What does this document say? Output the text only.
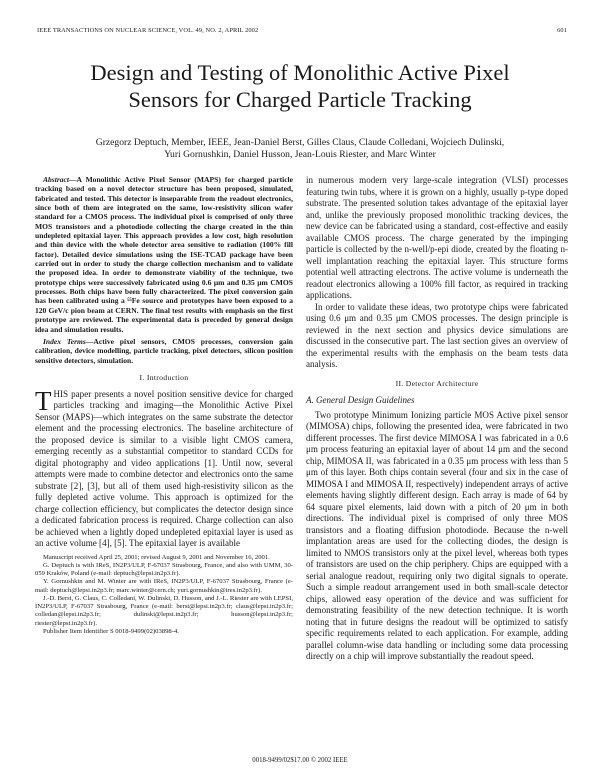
IEEE TRANSACTIONS ON NUCLEAR SCIENCE, VOL. 49, NO. 2, APRIL 2002	601
Design and Testing of Monolithic Active Pixel
Sensors for Charged Particle Tracking
Grzegorz Deptuch, Member, IEEE, Jean-Daniel Berst, Gilles Claus, Claude Colledani, Wojciech Dulinski,
Yuri Gornushkin, Daniel Husson, Jean-Louis Riester, and Marc Winter

Abstract—A Monolithic Active Pixel Sensor (MAPS) for charged particle tracking based on a novel detector structure has been proposed, simulated, fabricated and tested. This detector is inseparable from the readout electronics, since both of them are integrated on the same, low-resistivity silicon wafer standard for a CMOS process. The individual pixel is comprised of only three MOS transistors and a photodiode collecting the charge created in the thin undepleted epitaxial layer. This approach provides a low cost, high resolution and thin device with the whole detector area sensitive to radiation (100% fill factor). Detailed device simulations using the ISE-TCAD package have been carried out in order to study the charge collection mechanism and to validate the proposed idea. In order to demonstrate viability of the technique, two prototype chips were successively fabricated using 0.6 μm and 0.35 μm CMOS processes. Both chips have been fully characterized. The pixel conversion gain has been calibrated using a ⁵⁵Fe source and prototypes have been exposed to a 120 GeV/c pion beam at CERN. The final test results with emphasis on the first prototype are reviewed. The experimental data is preceded by general design idea and simulation results.

Index Terms—Active pixel sensors, CMOS processes, conversion gain calibration, device modelling, particle tracking, pixel detectors, silicon position sensitive detectors, simulation.

I. Introduction

THIS paper presents a novel position sensitive device for charged particles tracking and imaging—the Monolithic Active Pixel Sensor (MAPS)—which integrates on the same substrate the detector element and the processing electronics. The baseline architecture of the proposed device is similar to a visible light CMOS camera, emerging recently as a substantial competitor to standard CCDs for digital photography and video applications [1]. Until now, several attempts were made to combine detector and electronics onto the same substrate [2], [3], but all of them used high-resistivity silicon as the fully depleted active volume. This approach is optimized for the charge collection efficiency, but complicates the detector design since a dedicated fabrication process is required. Charge collection can also be achieved when a lightly doped undepleted epitaxial layer is used as an active volume [4], [5]. The epitaxial layer is available

Manuscript received April 25, 2001; revised August 9, 2001 and November 16, 2001.

G. Deptuch is with IReS, IN2P3/ULP, F-67037 Strasbourg, France, and also with UMM, 30-059 Kraków, Poland (e-mail: deptuch@lepsi.in2p3.fr).

Y. Gornushkin and M. Winter are with IReS, IN2P3/ULP, F-67037 Strasbourg, France (e-mail: deptuch@lepsi.in2p3.fr; marc.winter@cern.ch; yuri.gornushkin@ires.in2p3.fr).

J.-D. Berst, G. Claus, C. Colledani, W. Dulinski, D. Husson, and J.-L. Riester are with LEPSI, IN2P3/ULP, F-67037 Strasbourg, France (e-mail: berst@lepsi.in2p3.fr; claus@lepsi.in2p3.fr; colledan@lepsi.in2p3.fr; dulinski@lepsi.in2p3.fr; husson@lepsi.in2p3.fr; riester@lepsi.in2p3.fr).

Publisher Item Identifier S 0018-9499(02)03898-4.

in numerous modern very large-scale integration (VLSI) processes featuring twin tubs, where it is grown on a highly, usually p-type doped substrate. The presented solution takes advantage of the epitaxial layer and, unlike the previously proposed monolithic tracking devices, the new device can be fabricated using a standard, cost-effective and easily available CMOS process. The charge generated by the impinging particle is collected by the n-well/p-epi diode, created by the floating n-well implantation reaching the epitaxial layer. This structure forms potential well attracting electrons. The active volume is underneath the readout electronics allowing a 100% fill factor, as required in tracking applications.

In order to validate these ideas, two prototype chips were fabricated using 0.6 μm and 0.35 μm CMOS processes. The design principle is reviewed in the next section and physics device simulations are discussed in the consecutive part. The last section gives an overview of the experimental results with the emphasis on the beam tests data analysis.

II. Detector Architecture
A. General Design Guidelines

Two prototype Minimum Ionizing particle MOS Active pixel sensor (MIMOSA) chips, following the presented idea, were fabricated in two different processes. The first device MIMOSA I was fabricated in a 0.6 μm process featuring an epitaxial layer of about 14 μm and the second chip, MIMOSA II, was fabricated in a 0.35 μm process with less than 5 μm of this layer. Both chips contain several (four and six in the case of MIMOSA I and MIMOSA II, respectively) independent arrays of active elements having slightly different design. Each array is made of 64 by 64 square pixel elements, laid down with a pitch of 20 μm in both directions. The individual pixel is comprised of only three MOS transistors and a floating diffusion photodiode. Because the n-well implantation areas are used for the collecting diodes, the design is limited to NMOS transistors only at the pixel level, whereas both types of transistors are used on the chip periphery. Chips are equipped with a serial analogue readout, requiring only two digital signals to operate. Such a simple readout arrangement used in both small-scale detector chips, allowed easy operation of the device and was sufficient for demonstrating feasibility of the new detection technique. It is worth noting that in future designs the readout will be optimized to satisfy specific requirements related to each application. For example, adding parallel column-wise data handling or including some data processing directly on a chip will improve substantially the readout speed.

0018-9499/02$17.00 © 2002 IEEE
